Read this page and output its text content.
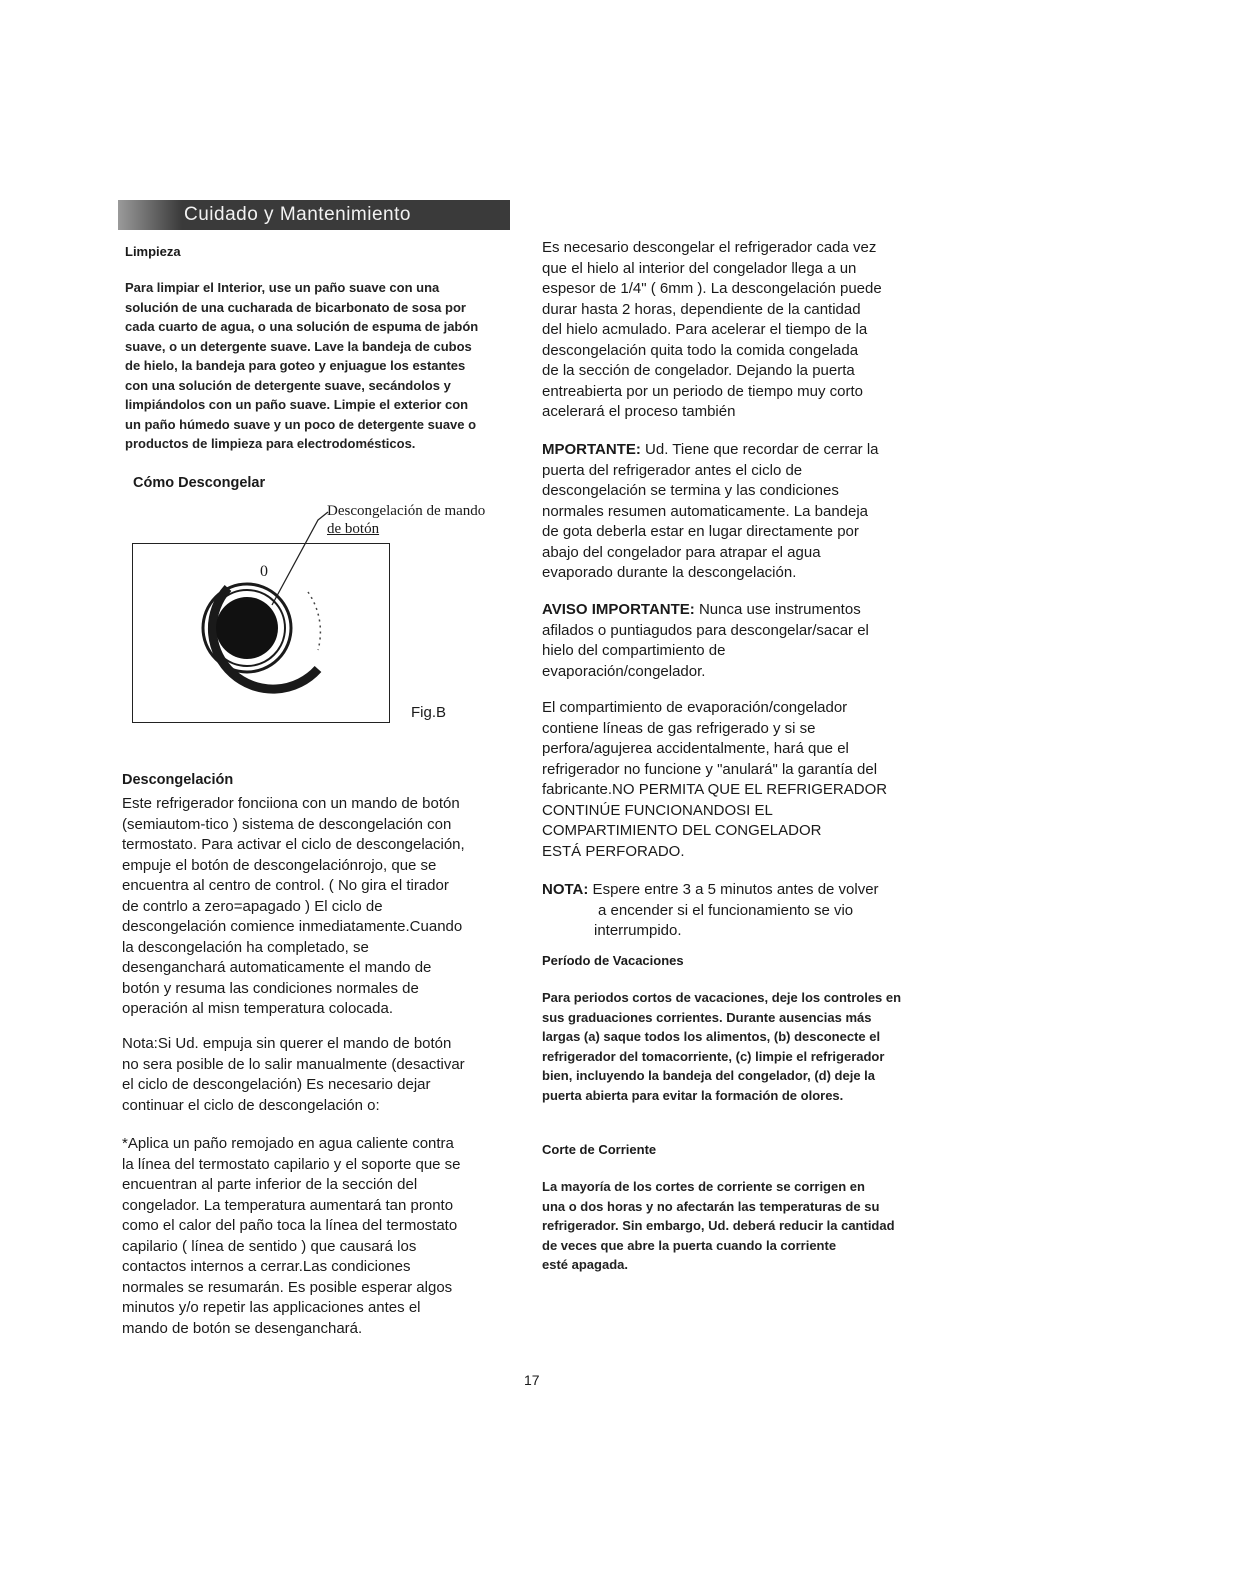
Cuidado y Mantenimiento
Limpieza
Para limpiar el Interior, use un paño suave con una
solución de una cucharada de bicarbonato de sosa por
cada cuarto de agua, o una solución de espuma de jabón
suave, o un detergente suave. Lave la bandeja de cubos
de hielo, la bandeja para goteo y enjuague los estantes
con una solución de detergente suave, secándolos y
limpiándolos con un paño suave. Limpie el exterior con
un paño húmedo suave y un poco de detergente suave o
productos de limpieza para electrodomésticos.
Cómo Descongelar
Descongelación de mando
de botón
0
Fig.B
Descongelación
Este refrigerador fonciiona con un mando de botón
(semiautom-tico ) sistema de descongelación con
termostato. Para activar el ciclo de descongelación,
empuje el botón de descongelaciónrojo, que se
encuentra al centro de control. ( No gira el tirador
de contrlo a zero=apagado ) El ciclo de
descongelación comience inmediatamente.Cuando
la descongelación ha completado, se
desenganchará automaticamente el mando de
botón y resuma las condiciones normales de
operación al misn temperatura colocada.
Nota:Si Ud. empuja sin querer el mando de botón
no sera posible de lo salir manualmente (desactivar
el ciclo de descongelación) Es necesario dejar
continuar el ciclo de descongelación o:
*Aplica un paño remojado en agua caliente contra
la línea del termostato capilario y el soporte que se
encuentran al parte inferior de la sección del
congelador. La temperatura aumentará tan pronto
como el calor del paño toca la línea del termostato
capilario ( línea de sentido ) que causará los
contactos internos a cerrar.Las condiciones
normales se resumarán. Es posible esperar algos
minutos y/o repetir las applicaciones antes el
mando de botón se desenganchará.
Es necesario descongelar el refrigerador cada vez
que el hielo al interior del congelador llega a un
espesor de 1/4" ( 6mm ). La descongelación puede
durar hasta 2 horas, dependiente de la cantidad
del hielo acmulado. Para acelerar el tiempo de la
descongelación quita todo la comida congelada
de la sección de congelador. Dejando la puerta
entreabierta por un periodo de tiempo muy corto
acelerará el proceso también
MPORTANTE: Ud. Tiene que recordar de cerrar la
puerta del refrigerador antes el ciclo de
descongelación se termina y las condiciones
normales resumen automaticamente. La bandeja
de gota deberla estar en lugar directamente por
abajo del congelador para atrapar el agua
evaporado durante la descongelación.
AVISO IMPORTANTE: Nunca use instrumentos
afilados o puntiagudos para descongelar/sacar el
hielo del compartimiento de
evaporación/congelador.
El compartimiento de evaporación/congelador
contiene líneas de gas refrigerado y si se
perfora/agujerea accidentalmente, hará que el
refrigerador no funcione y "anulará" la garantía del
fabricante.NO PERMITA QUE EL REFRIGERADOR
CONTINÚE FUNCIONANDOSI EL
COMPARTIMIENTO DEL CONGELADOR
ESTÁ PERFORADO.
NOTA: Espere entre 3 a 5 minutos antes de volver
a encender si el funcionamiento se vio
interrumpido.
Período de Vacaciones
Para periodos cortos de vacaciones, deje los controles en
sus graduaciones corrientes. Durante ausencias más
largas (a) saque todos los alimentos, (b) desconecte el
refrigerador del tomacorriente, (c) limpie el refrigerador
bien, incluyendo la bandeja del congelador, (d) deje la
puerta abierta para evitar la formación de olores.
Corte de Corriente
La mayoría de los cortes de corriente se corrigen en
una o dos horas y no afectarán las temperaturas de su
refrigerador. Sin embargo, Ud. deberá reducir la cantidad
de veces que abre la puerta cuando la corriente
esté apagada.
17
